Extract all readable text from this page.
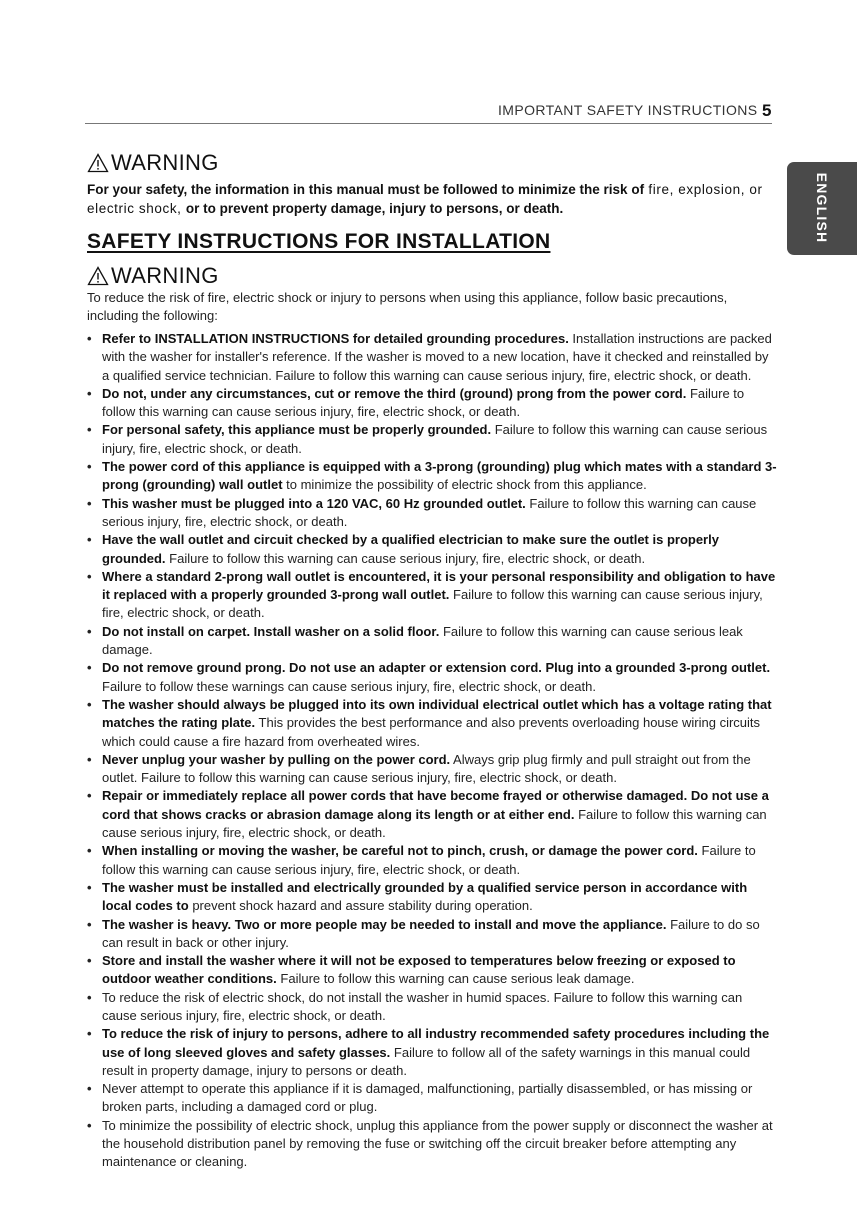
IMPORTANT SAFETY INSTRUCTIONS 5
ENGLISH
WARNING
For your safety, the information in this manual must be followed to minimize the risk of fire, explosion, or electric shock, or to prevent property damage, injury to persons, or death.
SAFETY INSTRUCTIONS FOR INSTALLATION
WARNING
To reduce the risk of fire, electric shock or injury to persons when using this appliance, follow basic precautions, including the following:
• Refer to INSTALLATION INSTRUCTIONS for detailed grounding procedures. Installation instructions are packed with the washer for installer's reference. If the washer is moved to a new location, have it checked and reinstalled by a qualified service technician. Failure to follow this warning can cause serious injury, fire, electric shock, or death.
• Do not, under any circumstances, cut or remove the third (ground) prong from the power cord. Failure to follow this warning can cause serious injury, fire, electric shock, or death.
• For personal safety, this appliance must be properly grounded. Failure to follow this warning can cause serious injury, fire, electric shock, or death.
• The power cord of this appliance is equipped with a 3-prong (grounding) plug which mates with a standard 3-prong (grounding) wall outlet to minimize the possibility of electric shock from this appliance.
• This washer must be plugged into a 120 VAC, 60 Hz grounded outlet. Failure to follow this warning can cause serious injury, fire, electric shock, or death.
• Have the wall outlet and circuit checked by a qualified electrician to make sure the outlet is properly grounded. Failure to follow this warning can cause serious injury, fire, electric shock, or death.
• Where a standard 2-prong wall outlet is encountered, it is your personal responsibility and obligation to have it replaced with a properly grounded 3-prong wall outlet. Failure to follow this warning can cause serious injury, fire, electric shock, or death.
• Do not install on carpet. Install washer on a solid floor. Failure to follow this warning can cause serious leak damage.
• Do not remove ground prong. Do not use an adapter or extension cord. Plug into a grounded 3-prong outlet. Failure to follow these warnings can cause serious injury, fire, electric shock, or death.
• The washer should always be plugged into its own individual electrical outlet which has a voltage rating that matches the rating plate. This provides the best performance and also prevents overloading house wiring circuits which could cause a fire hazard from overheated wires.
• Never unplug your washer by pulling on the power cord. Always grip plug firmly and pull straight out from the outlet. Failure to follow this warning can cause serious injury, fire, electric shock, or death.
• Repair or immediately replace all power cords that have become frayed or otherwise damaged. Do not use a cord that shows cracks or abrasion damage along its length or at either end. Failure to follow this warning can cause serious injury, fire, electric shock, or death.
• When installing or moving the washer, be careful not to pinch, crush, or damage the power cord. Failure to follow this warning can cause serious injury, fire, electric shock, or death.
• The washer must be installed and electrically grounded by a qualified service person in accordance with local codes to prevent shock hazard and assure stability during operation.
• The washer is heavy. Two or more people may be needed to install and move the appliance. Failure to do so can result in back or other injury.
• Store and install the washer where it will not be exposed to temperatures below freezing or exposed to outdoor weather conditions. Failure to follow this warning can cause serious leak damage.
• To reduce the risk of electric shock, do not install the washer in humid spaces. Failure to follow this warning can cause serious injury, fire, electric shock, or death.
• To reduce the risk of injury to persons, adhere to all industry recommended safety procedures including the use of long sleeved gloves and safety glasses. Failure to follow all of the safety warnings in this manual could result in property damage, injury to persons or death.
• Never attempt to operate this appliance if it is damaged, malfunctioning, partially disassembled, or has missing or broken parts, including a damaged cord or plug.
• To minimize the possibility of electric shock, unplug this appliance from the power supply or disconnect the washer at the household distribution panel by removing the fuse or switching off the circuit breaker before attempting any maintenance or cleaning.
